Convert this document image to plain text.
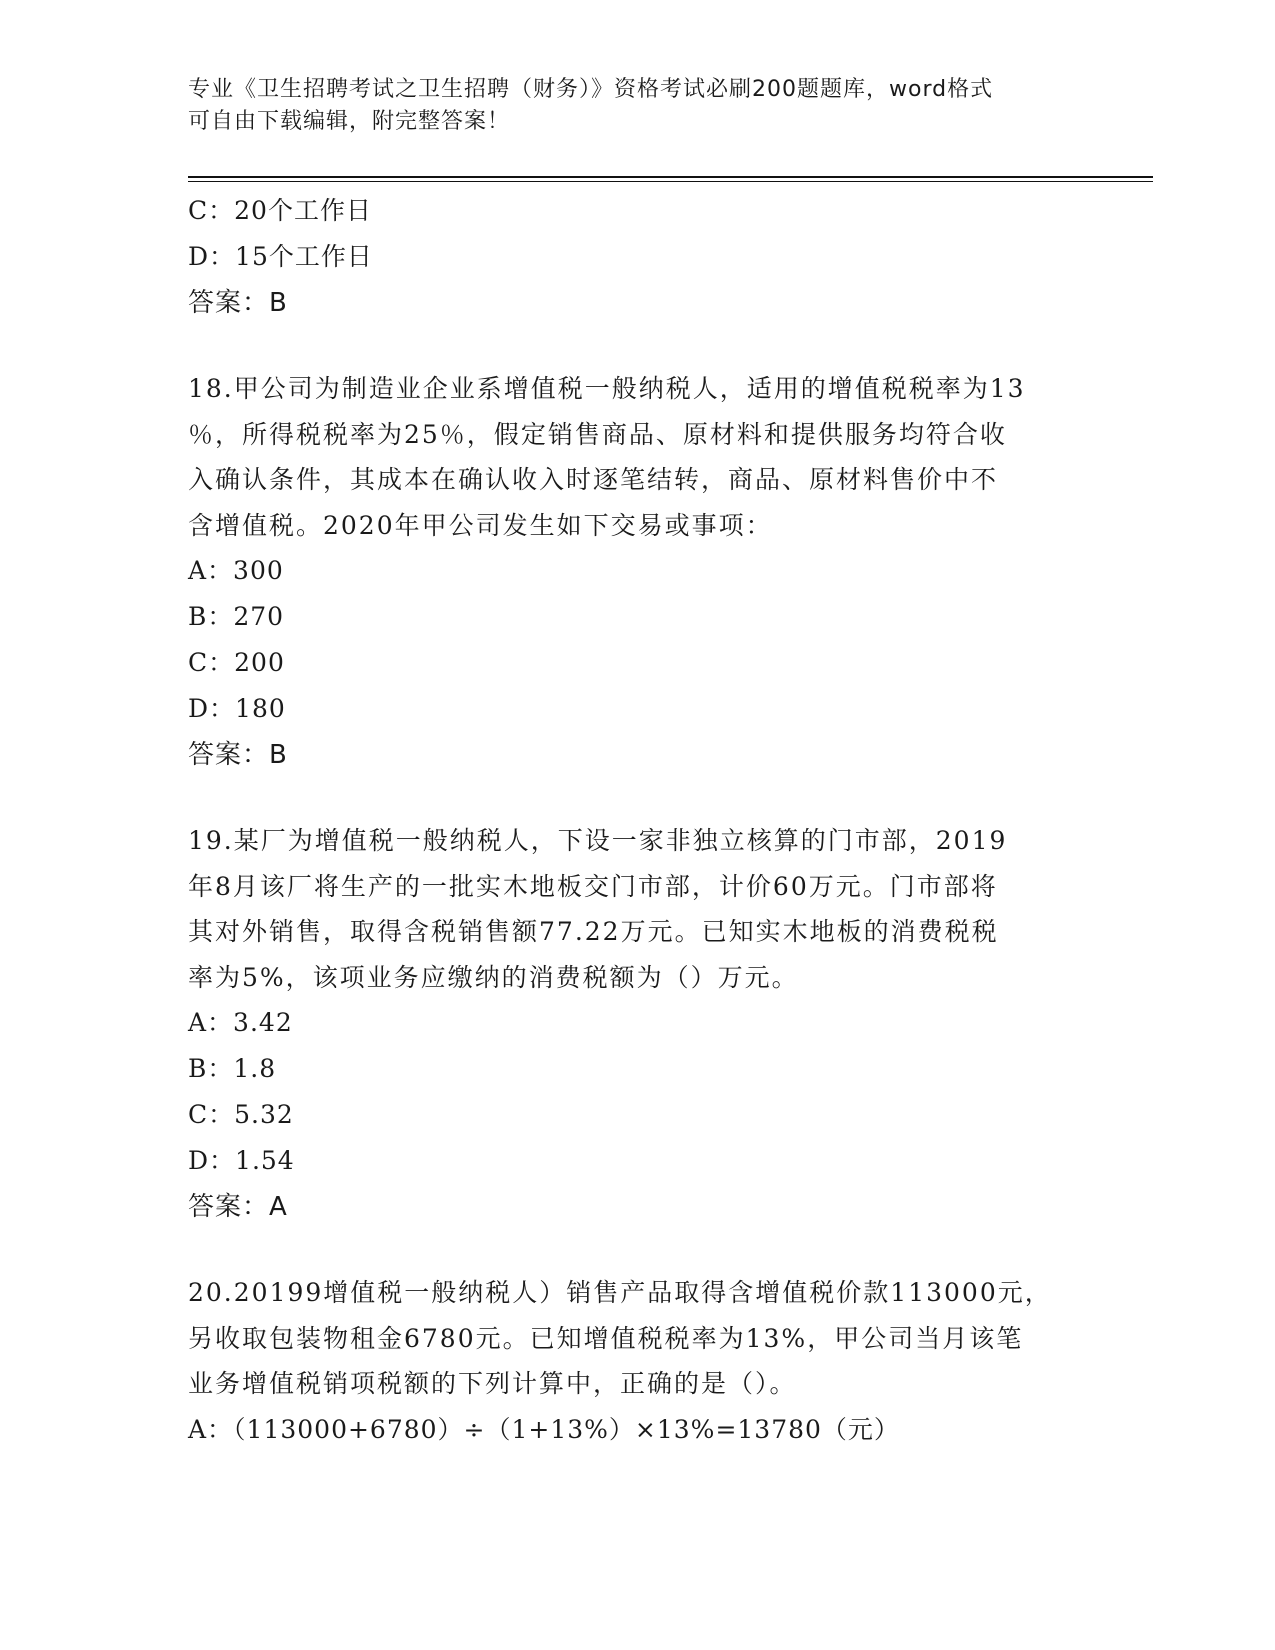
专业《卫生招聘考试之卫生招聘（财务）》资格考试必刷200题题库，word格式
可自由下载编辑，附完整答案！
C：20个工作日
D：15个工作日
答案：B
18.甲公司为制造业企业系增值税一般纳税人，适用的增值税税率为13
％，所得税税率为25％，假定销售商品、原材料和提供服务均符合收
入确认条件，其成本在确认收入时逐笔结转，商品、原材料售价中不
含增值税。2020年甲公司发生如下交易或事项：
A：300
B：270
C：200
D：180
答案：B
19.某厂为增值税一般纳税人，下设一家非独立核算的门市部，2019
年8月该厂将生产的一批实木地板交门市部，计价60万元。门市部将
其对外销售，取得含税销售额77.22万元。已知实木地板的消费税税
率为5%，该项业务应缴纳的消费税额为（）万元。
A：3.42
B：1.8
C：5.32
D：1.54
答案：A
20.20199增值税一般纳税人）销售产品取得含增值税价款113000元，
另收取包装物租金6780元。已知增值税税率为13%，甲公司当月该笔
业务增值税销项税额的下列计算中，正确的是（）。
A：（113000+6780）÷（1+13%）×13%=13780（元）
